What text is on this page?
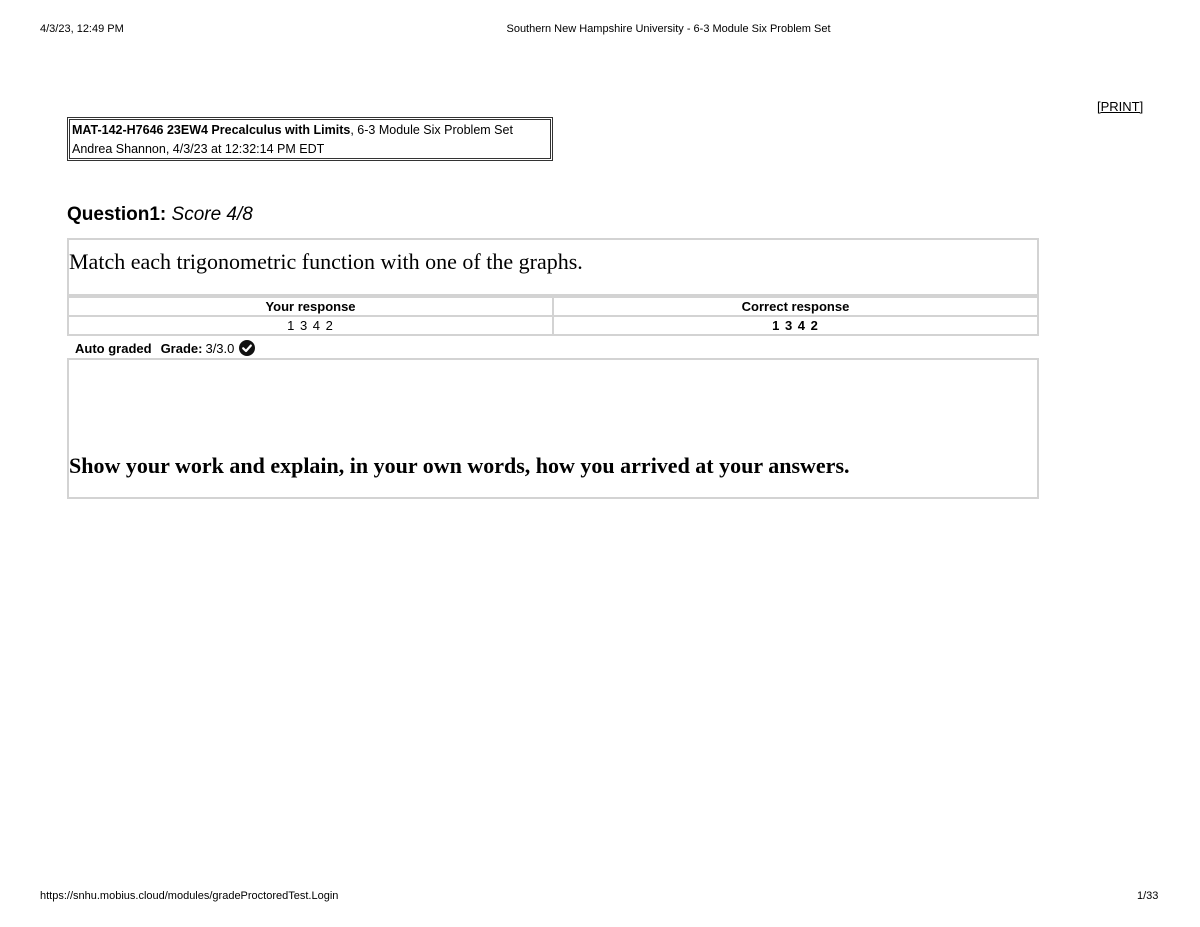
4/3/23, 12:49 PM	Southern New Hampshire University - 6-3 Module Six Problem Set
[PRINT]
MAT-142-H7646 23EW4 Precalculus with Limits, 6-3 Module Six Problem Set
Andrea Shannon, 4/3/23 at 12:32:14 PM EDT
Question1: Score 4/8
Match each trigonometric function with one of the graphs.
Your response	Correct response
1 3 4 2	1 3 4 2
Auto graded Grade: 3/3.0
Show your work and explain, in your own words, how you arrived at your answers.
https://snhu.mobius.cloud/modules/gradeProctoredTest.Login	1/33
